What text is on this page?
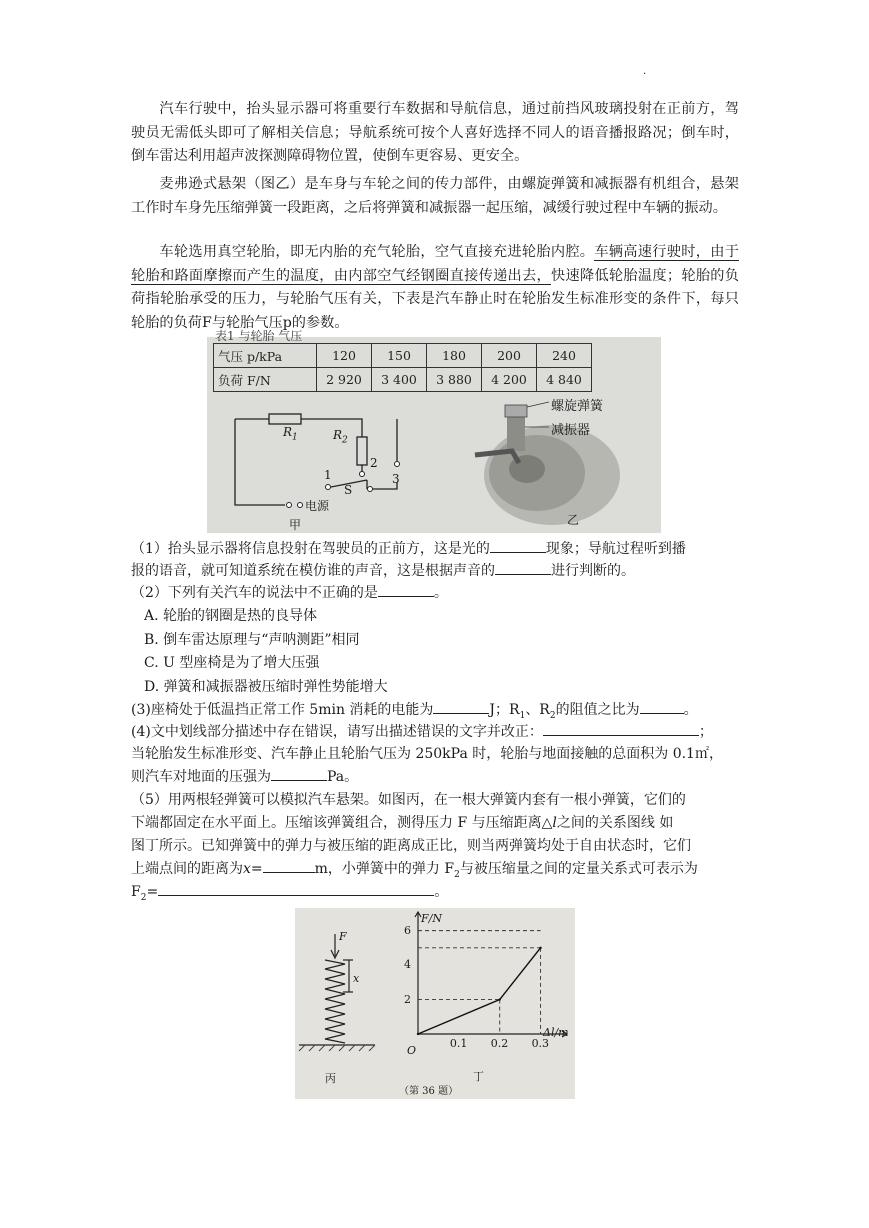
.
汽车行驶中，抬头显示器可将重要行车数据和导航信息，通过前挡风玻璃投射在正前方，驾驶员无需低头即可了解相关信息；导航系统可按个人喜好选择不同人的语音播报路况；倒车时，倒车雷达利用超声波探测障碍物位置，使倒车更容易、更安全。
麦弗逊式悬架（图乙）是车身与车轮之间的传力部件，由螺旋弹簧和减振器有机组合，悬架工作时车身先压缩弹簧一段距离，之后将弹簧和减振器一起压缩，减缓行驶过程中车辆的振动。
车轮选用真空轮胎，即无内胎的充气轮胎，空气直接充进轮胎内腔。车辆高速行驶时，由于轮胎和路面摩擦而产生的温度，由内部空气经钢圈直接传递出去，快速降低轮胎温度；轮胎的负荷指轮胎承受的压力，与轮胎气压有关，下表是汽车静止时在轮胎发生标准形变的条件下，每只轮胎的负荷F与轮胎气压p的参数。
表1 与轮胎 气压
气压 p/kPa	120	150	180	200	240
负荷 F/N	2 920	3 400	3 880	4 200	4 840
$R_1$	$R_2$
1
2
3
S
电源
甲
螺旋弹簧
减振器
乙
（1）抬头显示器将信息投射在驾驶员的正前方，这是光的	现象；导航过程听到播
报的语音，就可知道系统在模仿谁的声音，这是根据声音的	进行判断的。
（2）下列有关汽车的说法中不正确的是	。
A. 轮胎的钢圈是热的良导体
B. 倒车雷达原理与“声呐测距”相同
C. U 型座椅是为了增大压强
D. 弹簧和减振器被压缩时弹性势能增大
(3)座椅处于低温挡正常工作 5min 消耗的电能为	J；$R_1$、$R_2$的阻值之比为	。
(4)文中划线部分描述中存在错误，请写出描述错误的文字并改正：	；
当轮胎发生标准形变、汽车静止且轮胎气压为 250kPa 时，轮胎与地面接触的总面积为 0.1㎡，
则汽车对地面的压强为	Pa。
（5）用两根轻弹簧可以模拟汽车悬架。如图丙，在一根大弹簧内套有一根小弹簧，它们的
下端都固定在水平面上。压缩该弹簧组合，测得压力 F 与压缩距离△l之间的关系图线 如
图丁所示。已知弹簧中的弹力与被压缩的距离成正比，则当两弹簧均处于自由状态时，它们
上端点间的距离为x=	m，小弹簧中的弹力 $F_2$与被压缩量之间的定量关系式可表示为
$F_2=$	。
F
x
丙
F/N
Δl/m
O
丁
（第 36 题）
2
4
6
0.1 0.2 0.3
